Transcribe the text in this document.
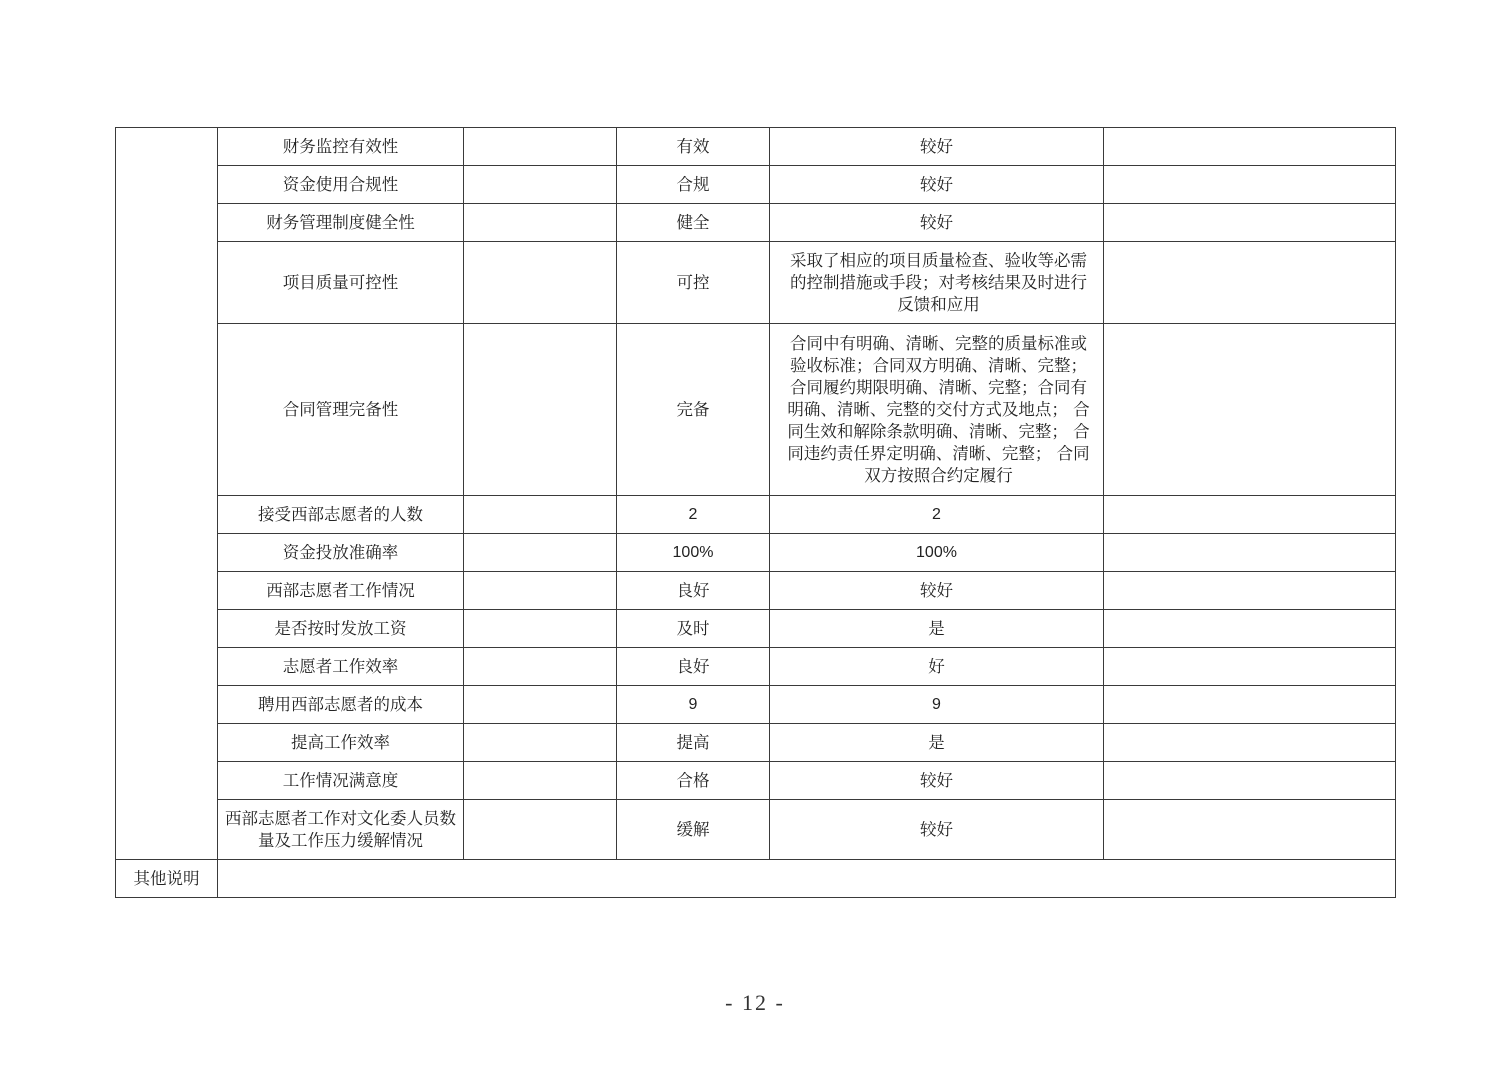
	财务监控有效性		有效	较好	
	资金使用合规性		合规	较好	
	财务管理制度健全性		健全	较好	
	项目质量可控性		可控	采取了相应的项目质量检查、验收等必需的控制措施或手段；对考核结果及时进行反馈和应用	
	合同管理完备性		完备	合同中有明确、清晰、完整的质量标准或验收标准；合同双方明确、清晰、完整；合同履约期限明确、清晰、完整；合同有明确、清晰、完整的交付方式及地点； 合同生效和解除条款明确、清晰、完整； 合同违约责任界定明确、清晰、完整； 合同双方按照合约定履行	
	接受西部志愿者的人数		2	2	
	资金投放准确率		100%	100%	
	西部志愿者工作情况		良好	较好	
	是否按时发放工资		及时	是	
	志愿者工作效率		良好	好	
	聘用西部志愿者的成本		9	9	
	提高工作效率		提高	是	
	工作情况满意度		合格	较好	
	西部志愿者工作对文化委人员数量及工作压力缓解情况		缓解	较好	
其他说明					
- 12 -
